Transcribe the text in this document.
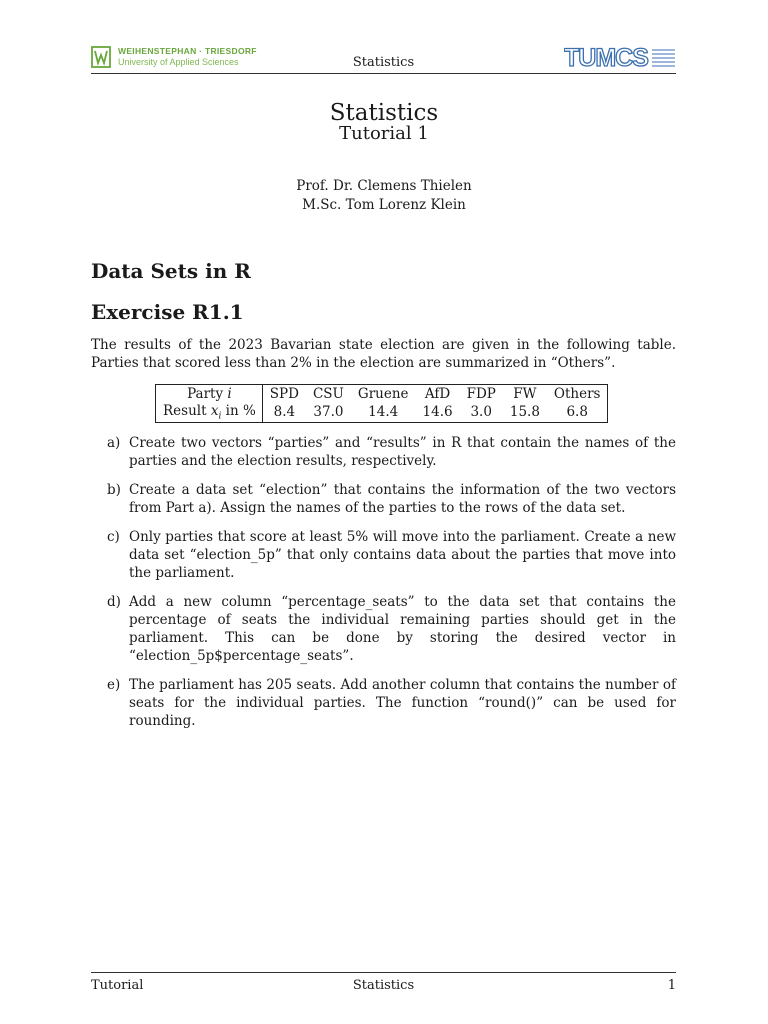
WEIHENSTEPHAN · TRIESDORF
University of Applied Sciences	Statistics	TUMCS
Statistics
Tutorial 1
Prof. Dr. Clemens Thielen
M.Sc. Tom Lorenz Klein
Data Sets in R
Exercise R1.1
The results of the 2023 Bavarian state election are given in the following table. Parties that scored less than 2% in the election are summarized in “Others”.
Party i	SPD	CSU	Gruene	AfD	FDP	FW	Others
Result $x_i$ in %	8.4	37.0	14.4	14.6	3.0	15.8	6.8
a) Create two vectors “parties” and “results” in R that contain the names of the parties and the election results, respectively.
b) Create a data set “election” that contains the information of the two vectors from Part a). Assign the names of the parties to the rows of the data set.
c) Only parties that score at least 5% will move into the parliament. Create a new data set “election_5p” that only contains data about the parties that move into the parliament.
d) Add a new column “percentage_seats” to the data set that contains the percentage of seats the individual remaining parties should get in the parliament. This can be done by storing the desired vector in “election_5p$percentage_seats”.
e) The parliament has 205 seats. Add another column that contains the number of seats for the individual parties. The function “round()” can be used for rounding.
Tutorial	Statistics	1
